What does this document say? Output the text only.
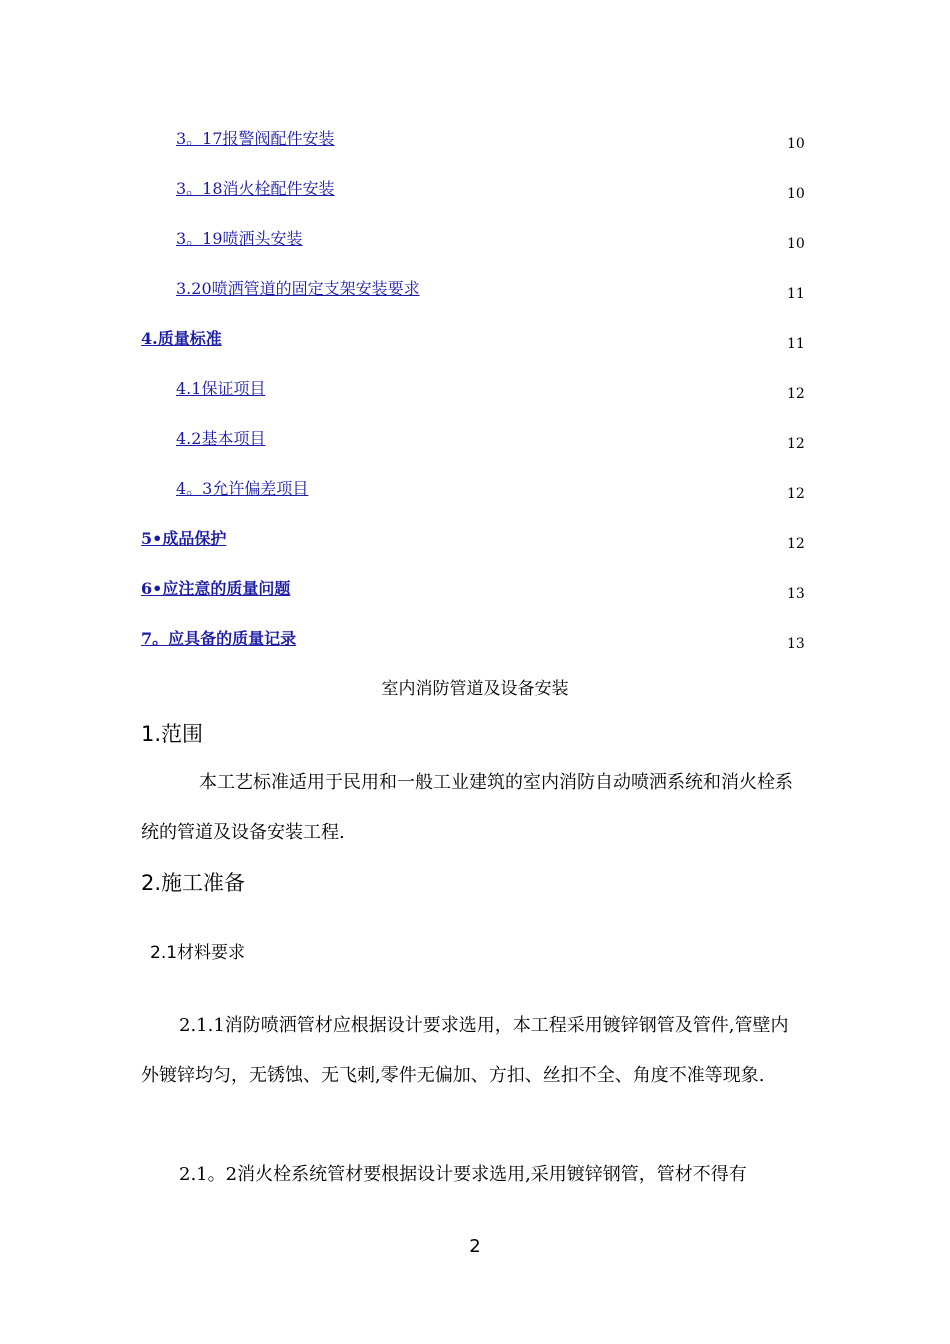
3。17报警阀配件安装	10
3。18消火栓配件安装	10
3。19喷洒头安装	10
3.20喷洒管道的固定支架安装要求	11
4.质量标准	11
4.1保证项目	12
4.2基本项目	12
4。3允许偏差项目	12
5•成品保护	12
6•应注意的质量问题	13
7。应具备的质量记录	13
室内消防管道及设备安装
1.范围
本工艺标准适用于民用和一般工业建筑的室内消防自动喷洒系统和消火栓系统的管道及设备安装工程.
2.施工准备
2.1材料要求
2.1.1消防喷洒管材应根据设计要求选用，本工程采用镀锌钢管及管件,管壁内外镀锌均匀，无锈蚀、无飞刺,零件无偏加、方扣、丝扣不全、角度不准等现象.
2.1。2消火栓系统管材要根据设计要求选用,采用镀锌钢管，管材不得有
2
